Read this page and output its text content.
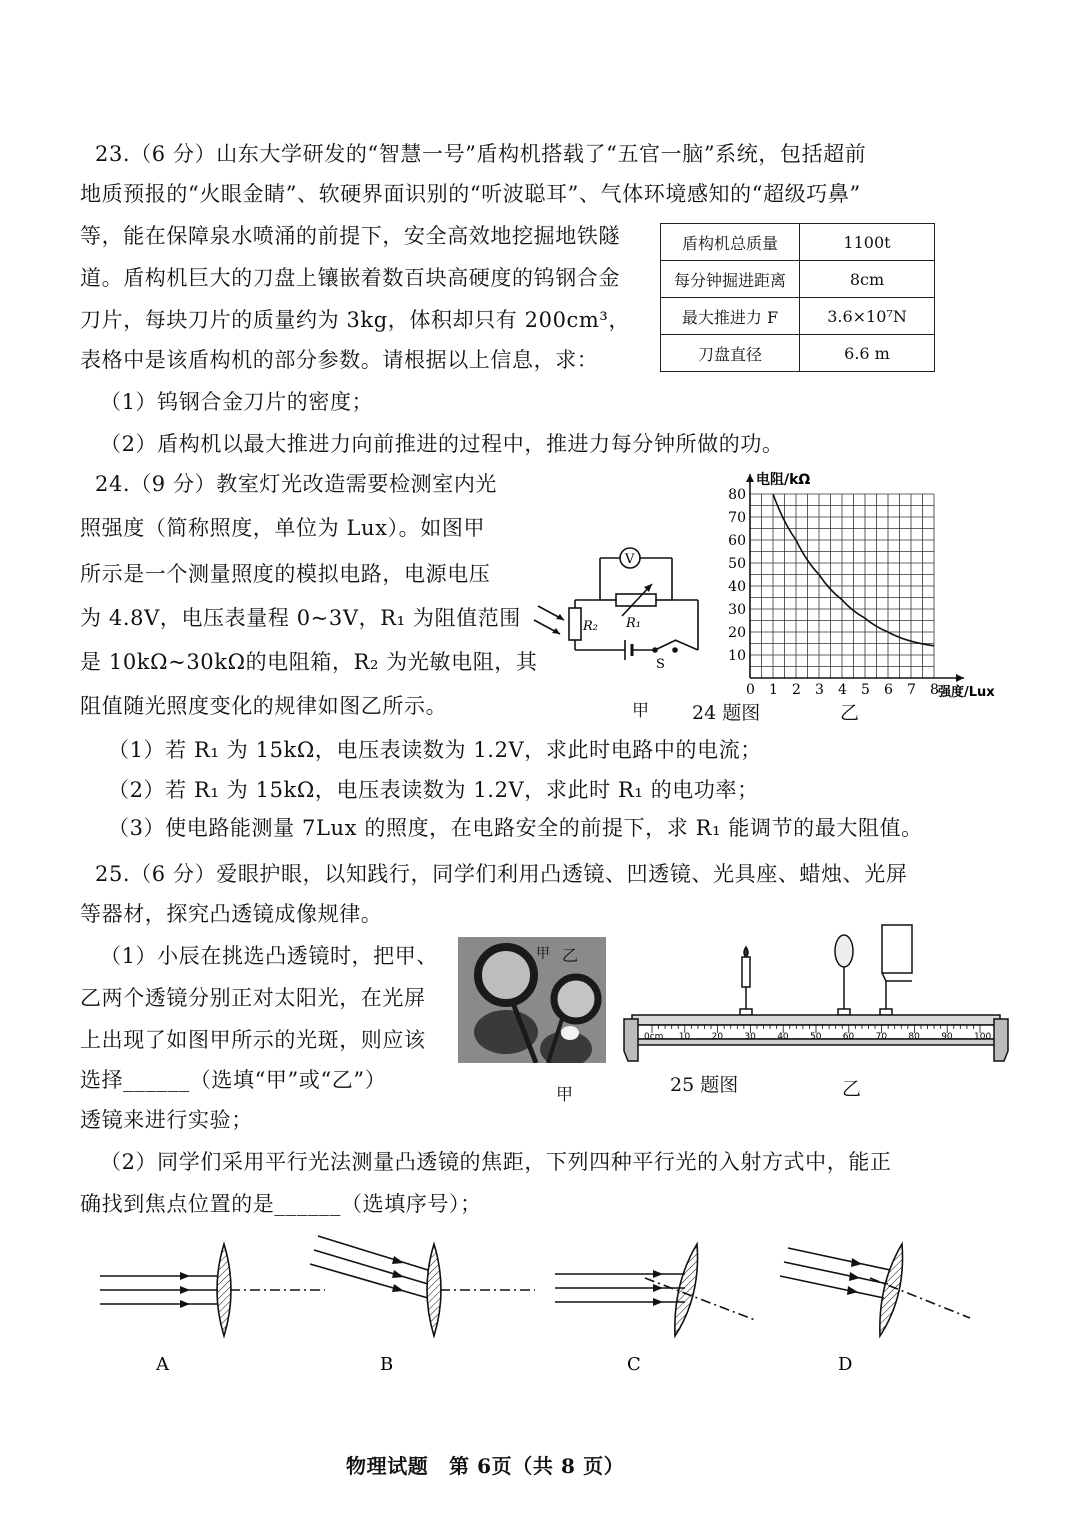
23.（6 分）山东大学研发的“智慧一号”盾构机搭载了“五官一脑”系统，包括超前
地质预报的“火眼金睛”、软硬界面识别的“听波聪耳”、气体环境感知的“超级巧鼻”
等，能在保障泉水喷涌的前提下，安全高效地挖掘地铁隧
道。盾构机巨大的刀盘上镶嵌着数百块高硬度的钨钢合金
刀片，每块刀片的质量约为 3kg，体积却只有 200cm³，
表格中是该盾构机的部分参数。请根据以上信息，求：
盾构机总质量	1100t
每分钟掘进距离	8cm
最大推进力 F	3.6×10⁷N
刀盘直径	6.6 m
（1）钨钢合金刀片的密度；
（2）盾构机以最大推进力向前推进的过程中，推进力每分钟所做的功。
24.（9 分）教室灯光改造需要检测室内光
照强度（简称照度，单位为 Lux）。如图甲
所示是一个测量照度的模拟电路，电源电压
为 4.8V，电压表量程 0~3V，R₁ 为阻值范围
是 10kΩ~30kΩ的电阻箱，R₂ 为光敏电阻，其
阻值随光照度变化的规律如图乙所示。
V
R₁
R₂
S
甲 24 题图	乙
0 1 2 3 4 5 6 7 8
10
20
30
40
50
60
70
80
电阻/kΩ
强度/Lux
（1）若 R₁ 为 15kΩ，电压表读数为 1.2V，求此时电路中的电流；
（2）若 R₁ 为 15kΩ，电压表读数为 1.2V，求此时 R₁ 的电功率；
（3）使电路能测量 7Lux 的照度，在电路安全的前提下，求 R₁ 能调节的最大阻值。
25.（6 分）爱眼护眼，以知践行，同学们利用凸透镜、凹透镜、光具座、蜡烛、光屏
等器材，探究凸透镜成像规律。
（1）小辰在挑选凸透镜时，把甲、
乙两个透镜分别正对太阳光，在光屏
上出现了如图甲所示的光斑，则应该
选择______（选填“甲”或“乙”）
透镜来进行实验；
甲 乙
0cm 10 20 30 40 50 60 70 80 90 100
甲	25 题图	乙
（2）同学们采用平行光法测量凸透镜的焦距，下列四种平行光的入射方式中，能正
确找到焦点位置的是______（选填序号）；
A	B	C	D
物理试题　第 6页（共 8 页）
